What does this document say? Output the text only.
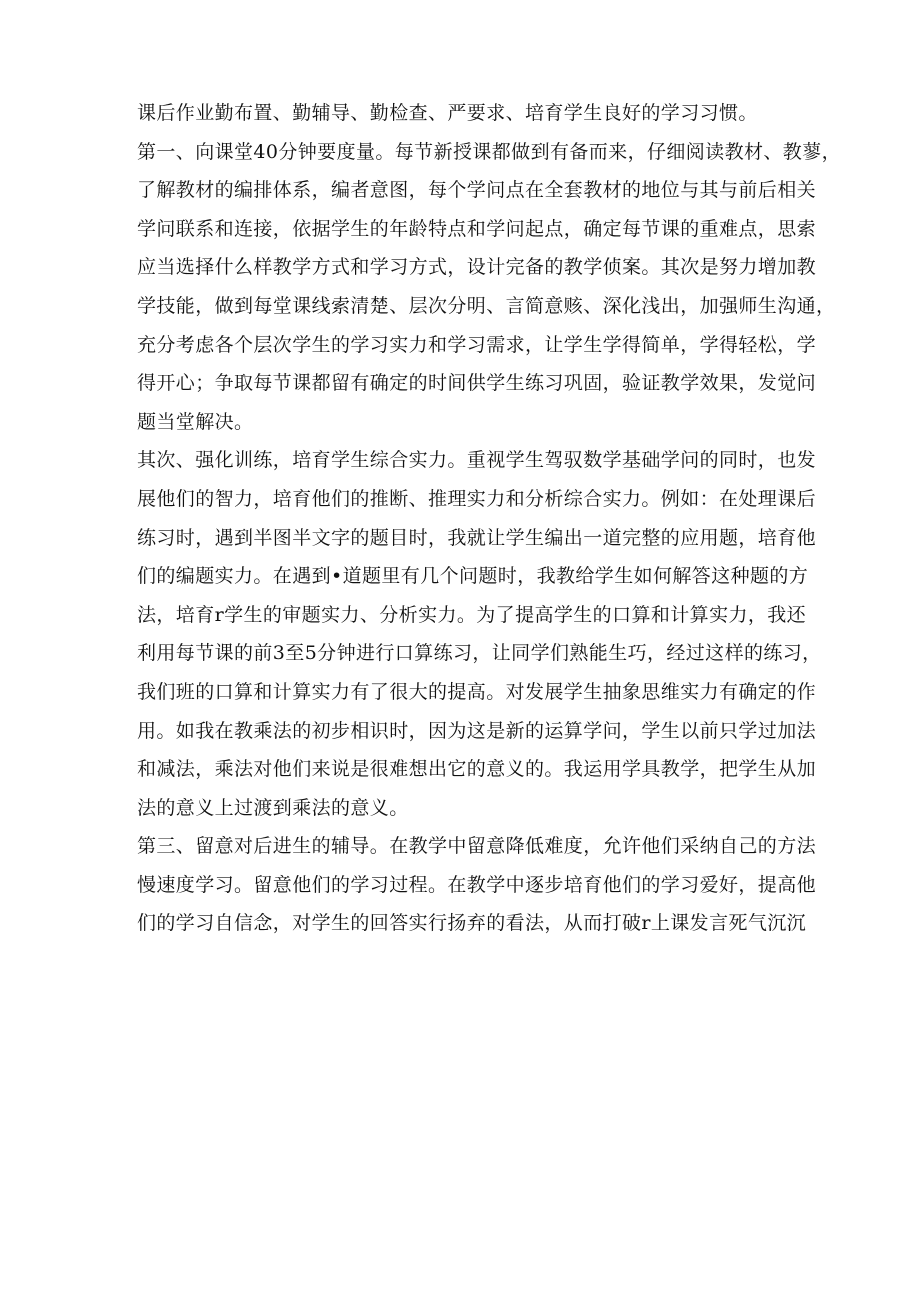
课后作业勤布置、勤辅导、勤检查、严要求、培育学生良好的学习习惯。
第一、向课堂40分钟要度量。每节新授课都做到有备而来，仔细阅读教材、教蓼，
了解教材的编排体系，编者意图，每个学问点在全套教材的地位与其与前后相关
学问联系和连接，依据学生的年龄特点和学问起点，确定每节课的重难点，思索
应当选择什么样教学方式和学习方式，设计完备的教学侦案。其次是努力增加教
学技能，做到每堂课线索清楚、层次分明、言简意赅、深化浅出，加强师生沟通，
充分考虑各个层次学生的学习实力和学习需求，让学生学得简单，学得轻松，学
得开心；争取每节课都留有确定的时间供学生练习巩固，验证教学效果，发觉问
题当堂解决。
其次、强化训练，培育学生综合实力。重视学生驾驭数学基础学问的同时，也发
展他们的智力，培育他们的推断、推理实力和分析综合实力。例如：在处理课后
练习时，遇到半图半文字的题目时，我就让学生编出一道完整的应用题，培育他
们的编题实力。在遇到•道题里有几个问题时，我教给学生如何解答这种题的方
法，培育r学生的审题实力、分析实力。为了提高学生的口算和计算实力，我还
利用每节课的前3至5分钟进行口算练习，让同学们熟能生巧，经过这样的练习，
我们班的口算和计算实力有了很大的提高。对发展学生抽象思维实力有确定的作
用。如我在教乘法的初步相识时，因为这是新的运算学问，学生以前只学过加法
和减法，乘法对他们来说是很难想出它的意义的。我运用学具教学，把学生从加
法的意义上过渡到乘法的意义。
第三、留意对后进生的辅导。在教学中留意降低难度，允许他们采纳自己的方法
慢速度学习。留意他们的学习过程。在教学中逐步培育他们的学习爱好，提高他
们的学习自信念，对学生的回答实行扬弃的看法，从而打破r上课发言死气沉沉
